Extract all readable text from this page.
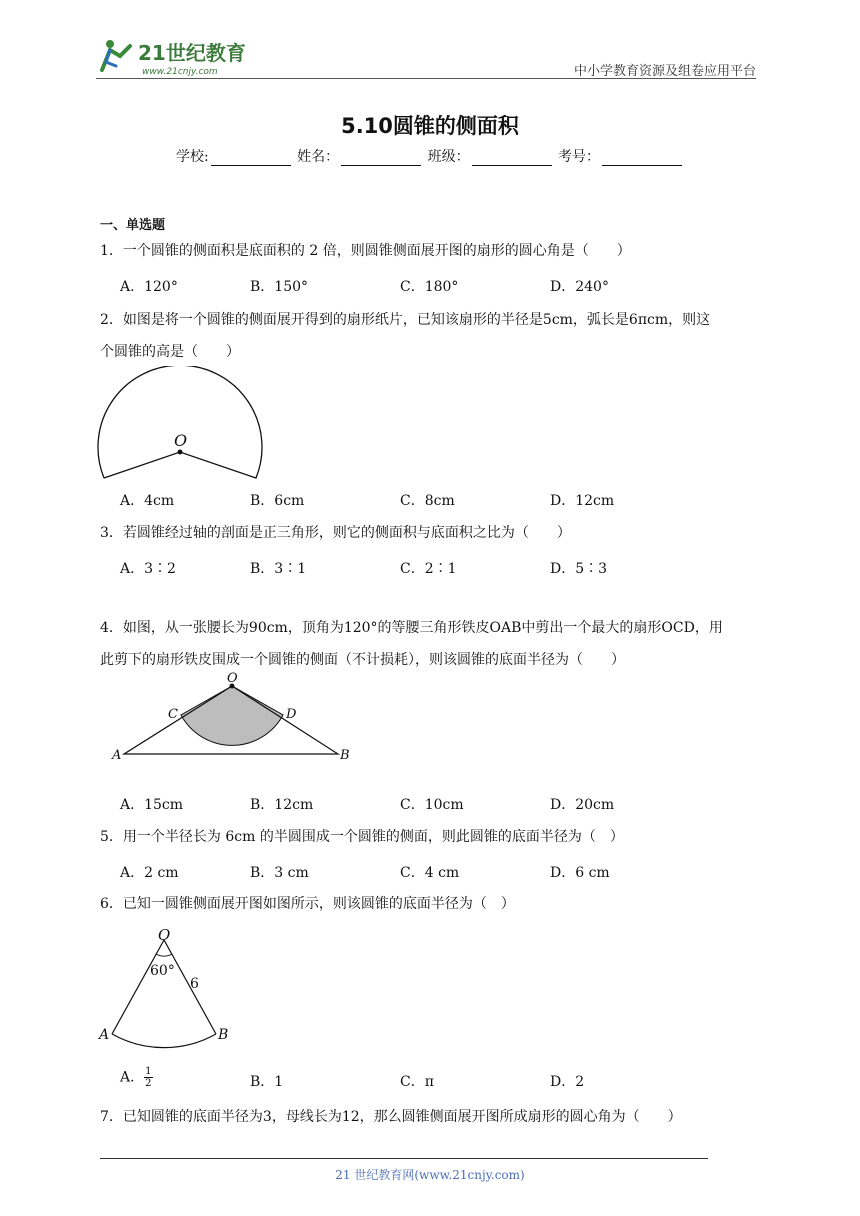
21世纪教育
www.21cnjy.com	中小学教育资源及组卷应用平台
5.10圆锥的侧面积
学校:	姓名：	班级：	考号：
一、单选题
1．一个圆锥的侧面积是底面积的 2 倍，则圆锥侧面展开图的扇形的圆心角是（　　）
A．120°	B．150°	C．180°	D．240°
2．如图是将一个圆锥的侧面展开得到的扇形纸片，已知该扇形的半径是5cm，弧长是6πcm，则这
个圆锥的高是（　　）
O
A．4cm	B．6cm	C．8cm	D．12cm
3．若圆锥经过轴的剖面是正三角形，则它的侧面积与底面积之比为（　　）
A．3∶2	B．3∶1	C．2∶1	D．5∶3
4．如图，从一张腰长为90cm，顶角为120°的等腰三角形铁皮OAB中剪出一个最大的扇形OCD，用
此剪下的扇形铁皮围成一个圆锥的侧面（不计损耗），则该圆锥的底面半径为（　　）
O
C	D
A	B
A．15cm	B．12cm	C．10cm	D．20cm
5．用一个半径长为 6cm 的半圆围成一个圆锥的侧面，则此圆锥的底面半径为（　）
A．2 cm	B．3 cm	C．4 cm	D．6 cm
6．已知一圆锥侧面展开图如图所示，则该圆锥的底面半径为（　）
O
60°
6
A	B
A． $\frac{1}{2}$	B．1	C．π	D．2
7．已知圆锥的底面半径为3，母线长为12，那么圆锥侧面展开图所成扇形的圆心角为（　　）
21 世纪教育网(www.21cnjy.com)
